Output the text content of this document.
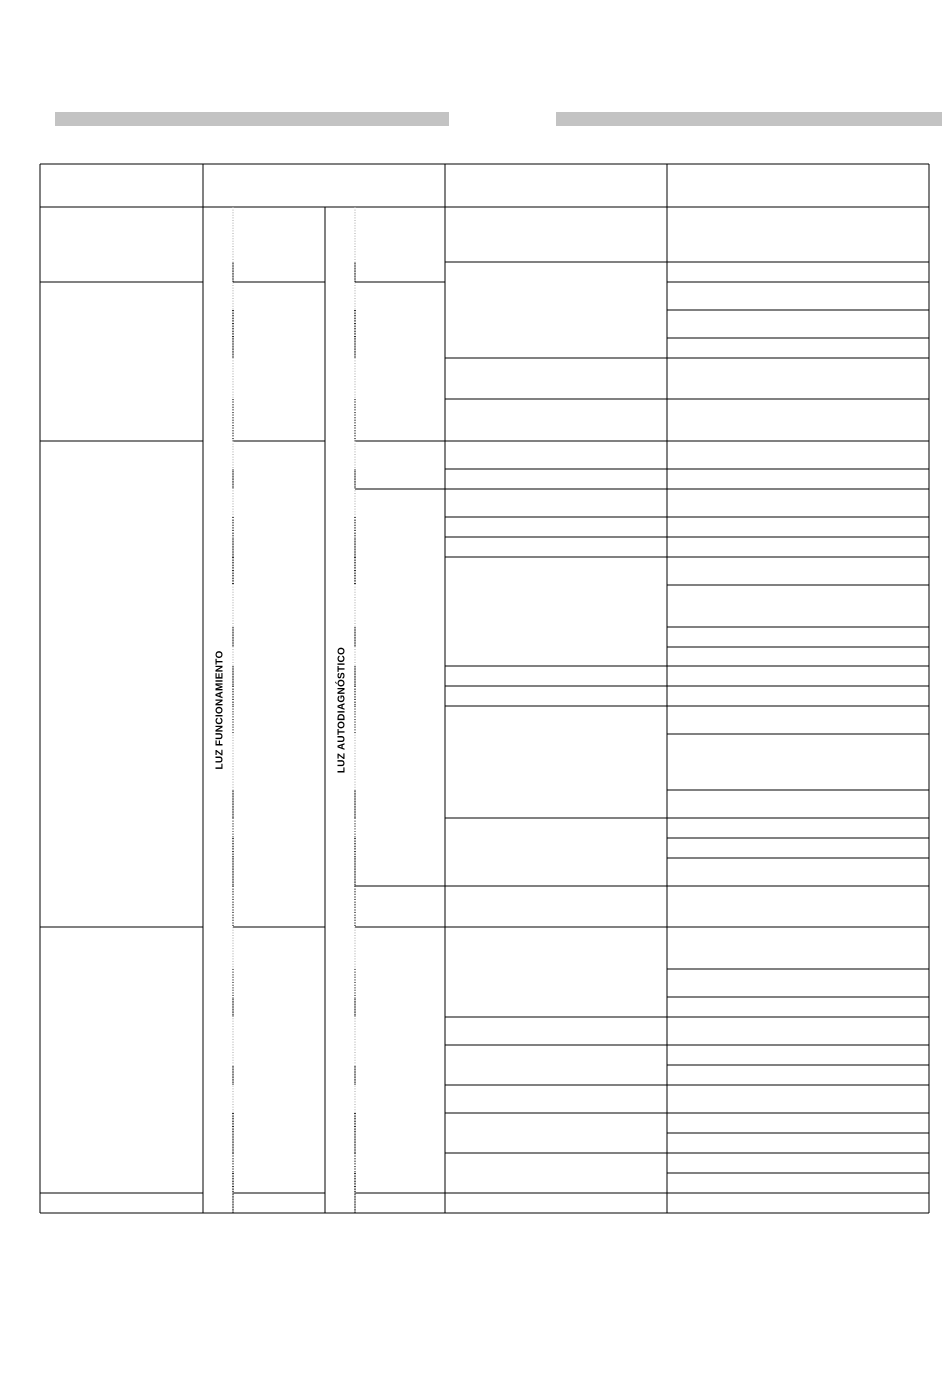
LUZ FUNCIONAMIENTO	LUZ AUTODIAGNÓSTICO
